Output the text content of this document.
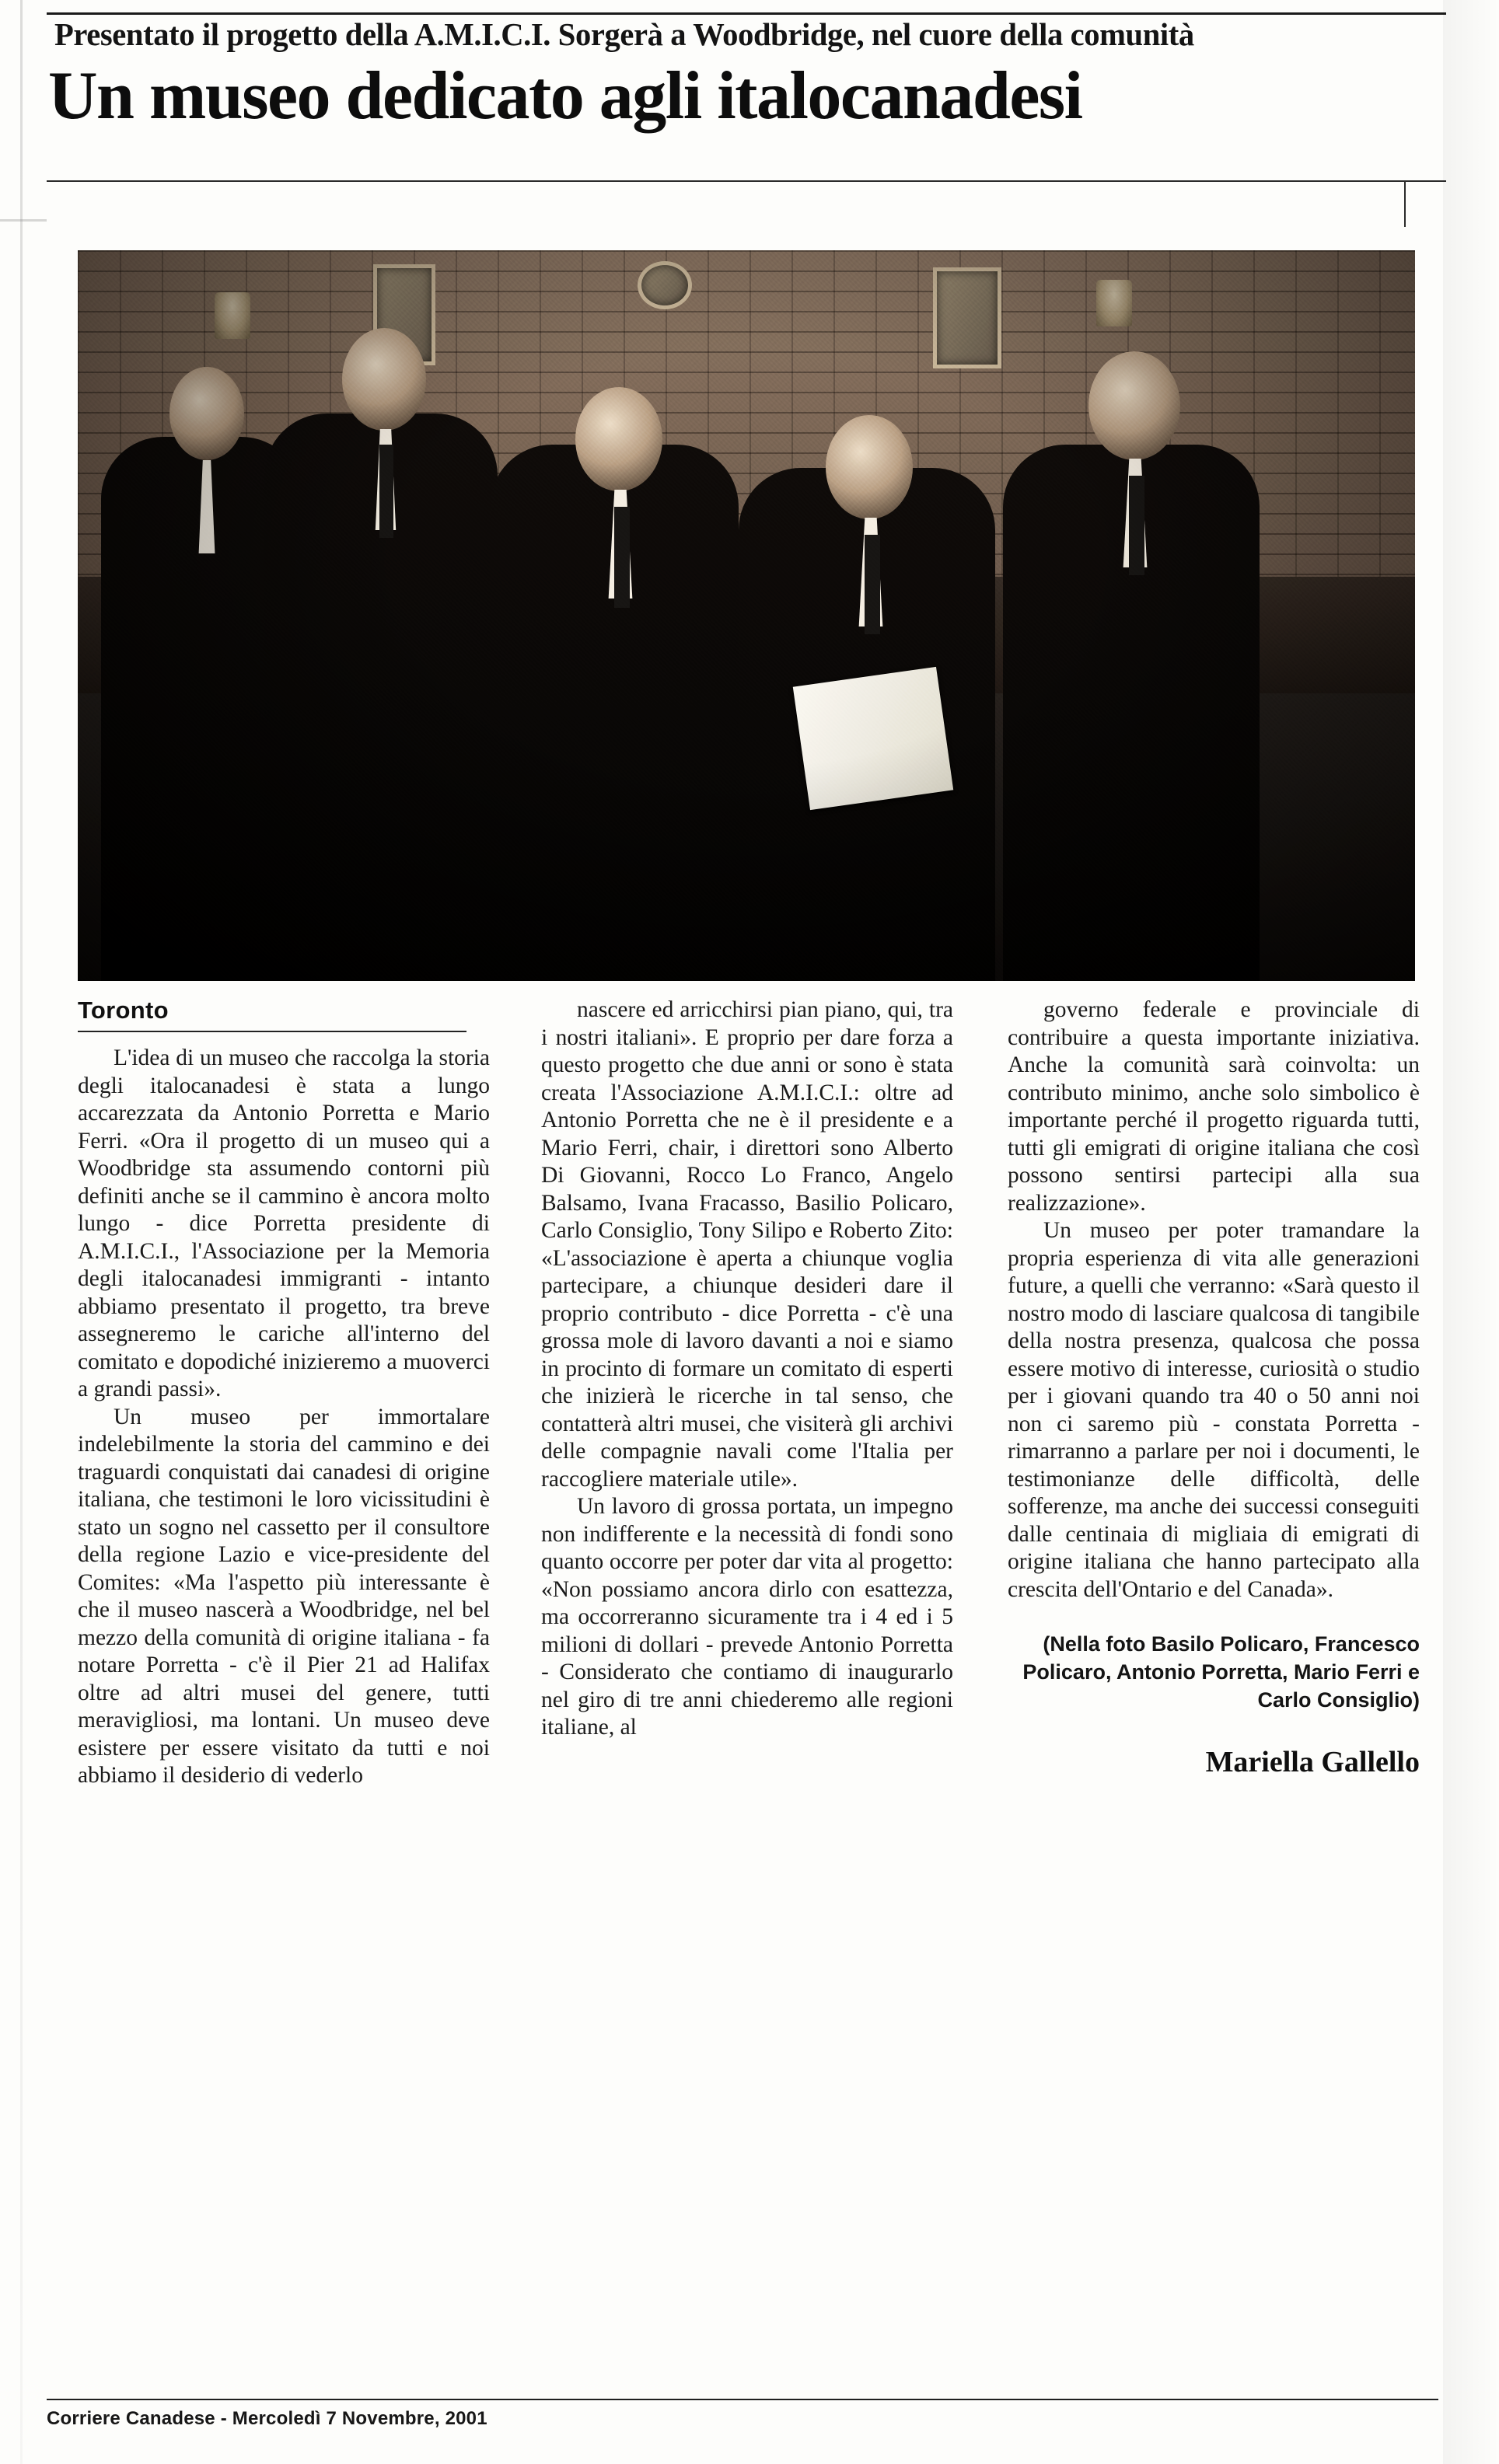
Presentato il progetto della A.M.I.C.I. Sorgerà a Woodbridge, nel cuore della comunità
Un museo dedicato agli italocanadesi
Toronto

L'idea di un museo che raccolga la storia degli italocanadesi è stata a lungo accarezzata da Antonio Porretta e Mario Ferri. «Ora il progetto di un museo qui a Woodbridge sta assumendo contorni più definiti anche se il cammino è ancora molto lungo - dice Porretta presidente di A.M.I.C.I., l'Associazione per la Memoria degli italocanadesi immigranti - intanto abbiamo presentato il progetto, tra breve assegneremo le cariche all'interno del comitato e dopodiché inizieremo a muoverci a grandi passi».

Un museo per immortalare indelebilmente la storia del cammino e dei traguardi conquistati dai canadesi di origine italiana, che testimoni le loro vicissitudini è stato un sogno nel cassetto per il consultore della regione Lazio e vice-presidente del Comites: «Ma l'aspetto più interessante è che il museo nascerà a Woodbridge, nel bel mezzo della comunità di origine italiana - fa notare Porretta - c'è il Pier 21 ad Halifax oltre ad altri musei del genere, tutti meravigliosi, ma lontani. Un museo deve esistere per essere visitato da tutti e noi abbiamo il desiderio di vederlo

nascere ed arricchirsi pian piano, qui, tra i nostri italiani». E proprio per dare forza a questo progetto che due anni or sono è stata creata l'Associazione A.M.I.C.I.: oltre ad Antonio Porretta che ne è il presidente e a Mario Ferri, chair, i direttori sono Alberto Di Giovanni, Rocco Lo Franco, Angelo Balsamo, Ivana Fracasso, Basilio Policaro, Carlo Consiglio, Tony Silipo e Roberto Zito: «L'associazione è aperta a chiunque voglia partecipare, a chiunque desideri dare il proprio contributo - dice Porretta - c'è una grossa mole di lavoro davanti a noi e siamo in procinto di formare un comitato di esperti che inizierà le ricerche in tal senso, che contatterà altri musei, che visiterà gli archivi delle compagnie navali come l'Italia per raccogliere materiale utile».

Un lavoro di grossa portata, un impegno non indifferente e la necessità di fondi sono quanto occorre per poter dar vita al progetto: «Non possiamo ancora dirlo con esattezza, ma occorreranno sicuramente tra i 4 ed i 5 milioni di dollari - prevede Antonio Porretta - Considerato che contiamo di inaugurarlo nel giro di tre anni chiederemo alle regioni italiane, al

governo federale e provinciale di contribuire a questa importante iniziativa. Anche la comunità sarà coinvolta: un contributo minimo, anche solo simbolico è importante perché il progetto riguarda tutti, tutti gli emigrati di origine italiana che così possono sentirsi partecipi alla sua realizzazione».

Un museo per poter tramandare la propria esperienza di vita alle generazioni future, a quelli che verranno: «Sarà questo il nostro modo di lasciare qualcosa di tangibile della nostra presenza, qualcosa che possa essere motivo di interesse, curiosità o studio per i giovani quando tra 40 o 50 anni noi non ci saremo più - constata Porretta - rimarranno a parlare per noi i documenti, le testimonianze delle difficoltà, delle sofferenze, ma anche dei successi conseguiti dalle centinaia di migliaia di emigrati di origine italiana che hanno partecipato alla crescita dell'Ontario e del Canada».

(Nella foto Basilo Policaro, Francesco Policaro, Antonio Porretta, Mario Ferri e Carlo Consiglio)
Mariella Gallello
Corriere Canadese - Mercoledì 7 Novembre, 2001
